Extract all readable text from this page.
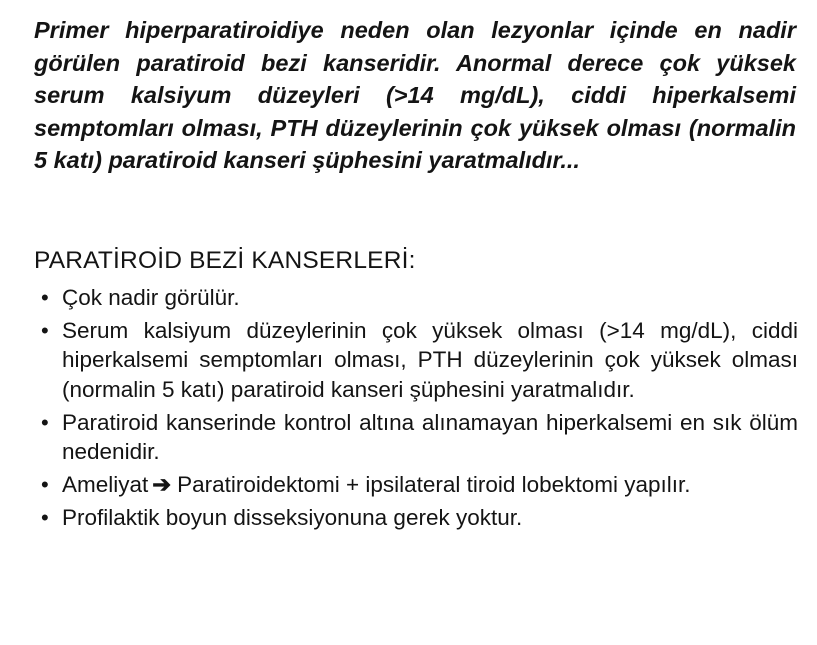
Primer hiperparatiroidiye neden olan lezyonlar içinde en nadir görülen paratiroid bezi kanseridir. Anormal derece çok yüksek serum kalsiyum düzeyleri (>14 mg/dL), ciddi hiperkalsemi semptomları olması, PTH düzeylerinin çok yüksek olması (normalin 5 katı) paratiroid kanseri şüphesini yaratmalıdır...

PARATİROİD BEZİ KANSERLERİ:
• Çok nadir görülür.
• Serum kalsiyum düzeylerinin çok yüksek olması (>14 mg/dL), ciddi hiperkalsemi semptomları olması, PTH düzeylerinin çok yüksek olması (normalin 5 katı) paratiroid kanseri şüphesini yaratmalıdır.
• Paratiroid kanserinde kontrol altına alınamayan hiperkalsemi en sık ölüm nedenidir.
• Ameliyat ➔ Paratiroidektomi + ipsilateral tiroid lobektomi yapılır.
• Profilaktik boyun disseksiyonuna gerek yoktur.
